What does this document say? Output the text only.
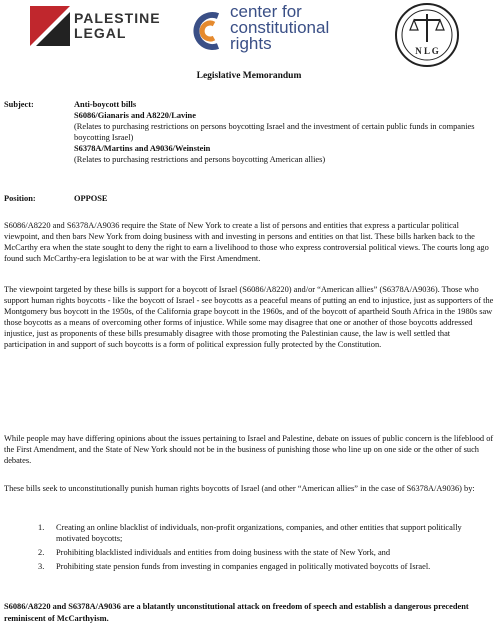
PALESTINE
LEGAL
center for
constitutional
rights	N L G
Legislative Memorandum
Subject:	Anti-boycott bills
S6086/Gianaris and A8220/Lavine
(Relates to purchasing restrictions on persons boycotting Israel and the investment of certain public funds in companies boycotting Israel)
S6378A/Martins and A9036/Weinstein
(Relates to purchasing restrictions and persons boycotting American allies)
Position:	OPPOSE

S6086/A8220 and S6378A/A9036 require the State of New York to create a list of persons and entities that express a particular political viewpoint, and then bars New York from doing business with and investing in persons and entities on that list. These bills harken back to the McCarthy era when the state sought to deny the right to earn a livelihood to those who express controversial political views. The courts long ago found such McCarthy-era legislation to be at war with the First Amendment.

The viewpoint targeted by these bills is support for a boycott of Israel (S6086/A8220) and/or “American allies” (S6378A/A9036). Those who support human rights boycotts - like the boycott of Israel - see boycotts as a peaceful means of putting an end to injustice, just as supporters of the Montgomery bus boycott in the 1950s, of the California grape boycott in the 1960s, and of the boycott of apartheid South Africa in the 1980s saw those boycotts as a means of overcoming other forms of injustice. While some may disagree that one or another of those boycotts addressed injustice, just as proponents of these bills presumably disagree with those promoting the Palestinian cause, the law is well settled that participation in and support of such boycotts is a form of political expression fully protected by the Constitution.

While people may have differing opinions about the issues pertaining to Israel and Palestine, debate on issues of public concern is the lifeblood of the First Amendment, and the State of New York should not be in the business of punishing those who line up on one side or the other of such debates.

These bills seek to unconstitutionally punish human rights boycotts of Israel (and other “American allies” in the case of S6378A/A9036) by:

1. Creating an online blacklist of individuals, non-profit organizations, companies, and other entities that support politically motivated boycotts;
2. Prohibiting blacklisted individuals and entities from doing business with the state of New York, and
3. Prohibiting state pension funds from investing in companies engaged in politically motivated boycotts of Israel.
S6086/A8220 and S6378A/A9036 are a blatantly unconstitutional attack on freedom of speech and establish a dangerous precedent reminiscent of McCarthyism.
